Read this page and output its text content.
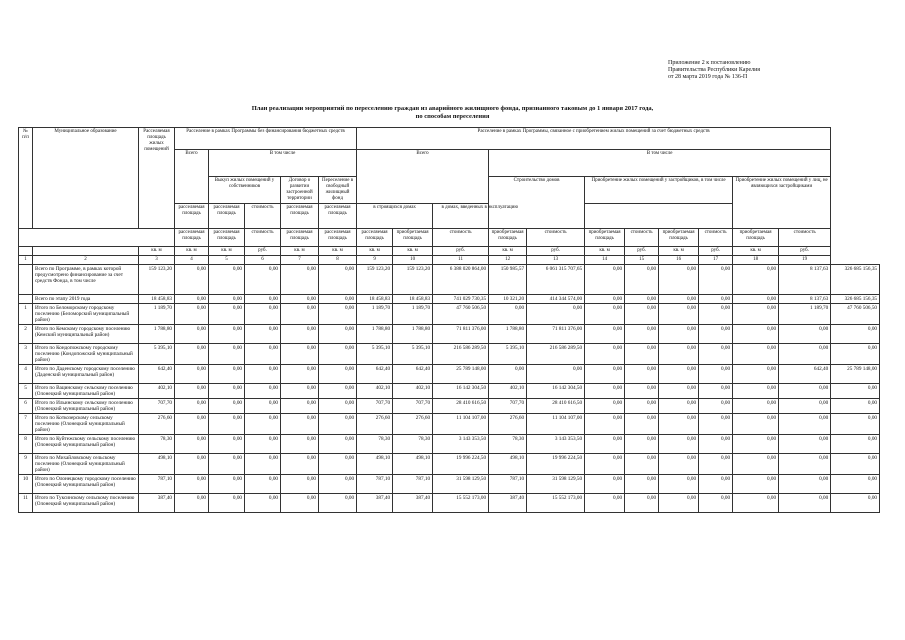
Приложение 2 к постановлению
Правительства Республики Карелия
от 28 марта 2019 года № 136-П
План реализации мероприятий по переселению граждан из аварийного жилищного фонда, признанного таковым до 1 января 2017 года,
по способам переселения
№ п/п	Муниципальное образование	Расселяемая площадь жилых помещений	Расселение в рамках Программы без финансирования бюджетных средств					Расселение в рамках Программы, связанное с приобретением жилых помещений за счет бюджетных средств											
			Всего	В том числе				Всего			В том числе								
				Выкуп жилых помещений у собственников		Договор о развитии застроенной территории	Переселение в свободный жилищный фонд				Строительство домов		Приобретение жилых помещений у застройщиков, в том числе				Приобретение жилых помещений у лиц, не являющихся застройщиками		
			расселяемая площадь	расселяемая площадь	стоимость	расселяемая площадь	расселяемая площадь	в строящихся домах		в домах, введенных в эксплуатацию									
			расселяемая площадь	расселяемая площадь	стоимость	расселяемая площадь	расселяемая площадь	расселяемая площадь	приобретаемая площадь	стоимость	приобретаемая площадь	стоимость	приобретаемая площадь	стоимость	приобретаемая площадь	стоимость	приобретаемая площадь	стоимость	
		кв. м	кв. м	кв. м	руб.	кв. м	кв. м	кв. м	кв. м	руб.	кв. м	руб.	кв. м	руб.	кв. м	руб.	кв. м	руб.	
1	2	3	4	5	6	7	8	9	10	11	12	13	14	15	16	17	18	19	
	Всего по Программе, в рамках которой предусмотрено финансирование за счет средств Фонда, в том числе	159 123,20	0,00	0,00	0,00	0,00	0,00	159 123,20	159 123,20	6 388 020 864,00	150 985,57	6 061 315 707,65	0,00	0,00	0,00	0,00	0,00	8 137,63	326 685 156,35
	Всего по этапу 2019 года	18 458,83	0,00	0,00	0,00	0,00	0,00	18 458,83	18 458,83	741 029 730,35	10 321,20	414 344 574,00	0,00	0,00	0,00	0,00	0,00	8 137,63	326 685 156,35
1	Итого по Беломорскому городскому поселению (Беломорский муниципальный район)	1 189,70	0,00	0,00	0,00	0,00	0,00	1 189,70	1 189,70	47 760 506,50	0,00	0,00	0,00	0,00	0,00	0,00	0,00	1 189,70	47 760 506,50
2	Итого по Кемскому городскому поселению (Кемский муниципальный район)	1 788,80	0,00	0,00	0,00	0,00	0,00	1 788,80	1 788,80	71 811 376,00	1 788,80	71 811 376,00	0,00	0,00	0,00	0,00	0,00	0,00	0,00
3	Итого по Кондопожскому городскому поселению (Кондопожский муниципальный район)	5 395,10	0,00	0,00	0,00	0,00	0,00	5 395,10	5 395,10	216 586 289,50	5 395,10	216 586 289,50	0,00	0,00	0,00	0,00	0,00	0,00	0,00
4	Итого по Даденскому городскому поселению (Даденский муниципальный район)	642,40	0,00	0,00	0,00	0,00	0,00	642,40	642,40	25 789 148,00	0,00	0,00	0,00	0,00	0,00	0,00	0,00	642,40	25 789 148,00
5	Итого по Вацинскому сельскому поселению (Олонецкий муниципальный район)	402,10	0,00	0,00	0,00	0,00	0,00	402,10	402,10	16 142 304,50	402,10	16 142 304,50	0,00	0,00	0,00	0,00	0,00	0,00	0,00
6	Итого по Ильинскому сельскому поселению (Олонецкий муниципальный район)	707,70	0,00	0,00	0,00	0,00	0,00	707,70	707,70	28 410 616,50	707,70	28 410 616,50	0,00	0,00	0,00	0,00	0,00	0,00	0,00
7	Итого по Коткозерскому сельскому поселению (Олонецкий муниципальный район)	276,60	0,00	0,00	0,00	0,00	0,00	276,60	276,60	11 104 107,00	276,60	11 104 107,00	0,00	0,00	0,00	0,00	0,00	0,00	0,00
8	Итого по Куйтежскому сельскому поселению (Олонецкий муниципальный район)	78,30	0,00	0,00	0,00	0,00	0,00	78,30	78,30	3 143 353,50	78,30	3 143 353,50	0,00	0,00	0,00	0,00	0,00	0,00	0,00
9	Итого по Михайловскому сельскому поселению (Олонецкий муниципальный район)	498,10	0,00	0,00	0,00	0,00	0,00	498,10	498,10	19 996 224,50	498,10	19 996 224,50	0,00	0,00	0,00	0,00	0,00	0,00	0,00
10	Итого по Олонецкому городскому поселению (Олонецкий муниципальный район)	787,10	0,00	0,00	0,00	0,00	0,00	787,10	787,10	31 598 129,50	787,10	31 598 129,50	0,00	0,00	0,00	0,00	0,00	0,00	0,00
11	Итого по Туксинскому сельскому поселению (Олонецкий муниципальный район)	387,40	0,00	0,00	0,00	0,00	0,00	387,40	387,40	15 552 173,00	387,40	15 552 173,00	0,00	0,00	0,00	0,00	0,00	0,00	0,00
